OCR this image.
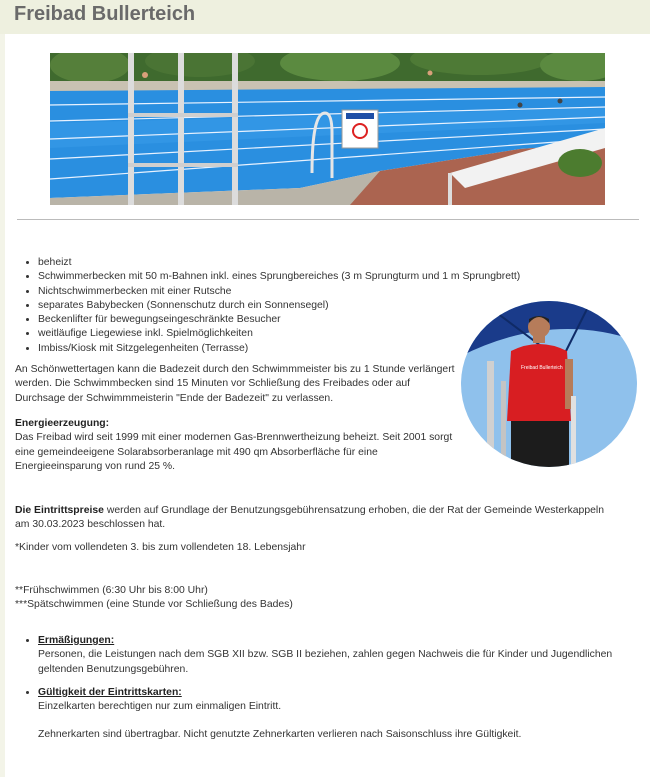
Freibad Bullerteich
• beheizt
• Schwimmerbecken mit 50 m-Bahnen inkl. eines Sprungbereiches (3 m Sprungturm und 1 m Sprungbrett)
• Nichtschwimmerbecken mit einer Rutsche
• separates Babybecken (Sonnenschutz durch ein Sonnensegel)
• Beckenlifter für bewegungseingeschränkte Besucher
• weitläufige Liegewiese inkl. Spielmöglichkeiten
• Imbiss/Kiosk mit Sitzgelegenheiten (Terrasse)
Freibad Bullerteich

An Schönwettertagen kann die Badezeit durch den Schwimmmeister bis zu 1 Stunde verlängert werden. Die Schwimmbecken sind 15 Minuten vor Schließung des Freibades oder auf Durchsage der Schwimmmeisterin "Ende der Badezeit" zu verlassen.

Energieerzeugung:
Das Freibad wird seit 1999 mit einer modernen Gas-Brennwertheizung beheizt. Seit 2001 sorgt eine gemeindeeigene Solarabsorberanlage mit 490 qm Absorberfläche für eine Energieeinsparung von rund 25 %.

Die Eintrittspreise werden auf Grundlage der Benutzungsgebührensatzung erhoben, die der Rat der Gemeinde Westerkappeln am 30.03.2023 beschlossen hat.

*Kinder vom vollendeten 3. bis zum vollendeten 18. Lebensjahr

**Frühschwimmen (6:30 Uhr bis 8:00 Uhr)
***Spätschwimmen (eine Stunde vor Schließung des Bades)

• Ermäßigungen:
Personen, die Leistungen nach dem SGB XII bzw. SGB II beziehen, zahlen gegen Nachweis die für Kinder und Jugendlichen geltenden Benutzungsgebühren.
• Gültigkeit der Eintrittskarten:
Einzelkarten berechtigen nur zum einmaligen Eintritt.
Zehnerkarten sind übertragbar. Nicht genutzte Zehnerkarten verlieren nach Saisonschluss ihre Gültigkeit.
